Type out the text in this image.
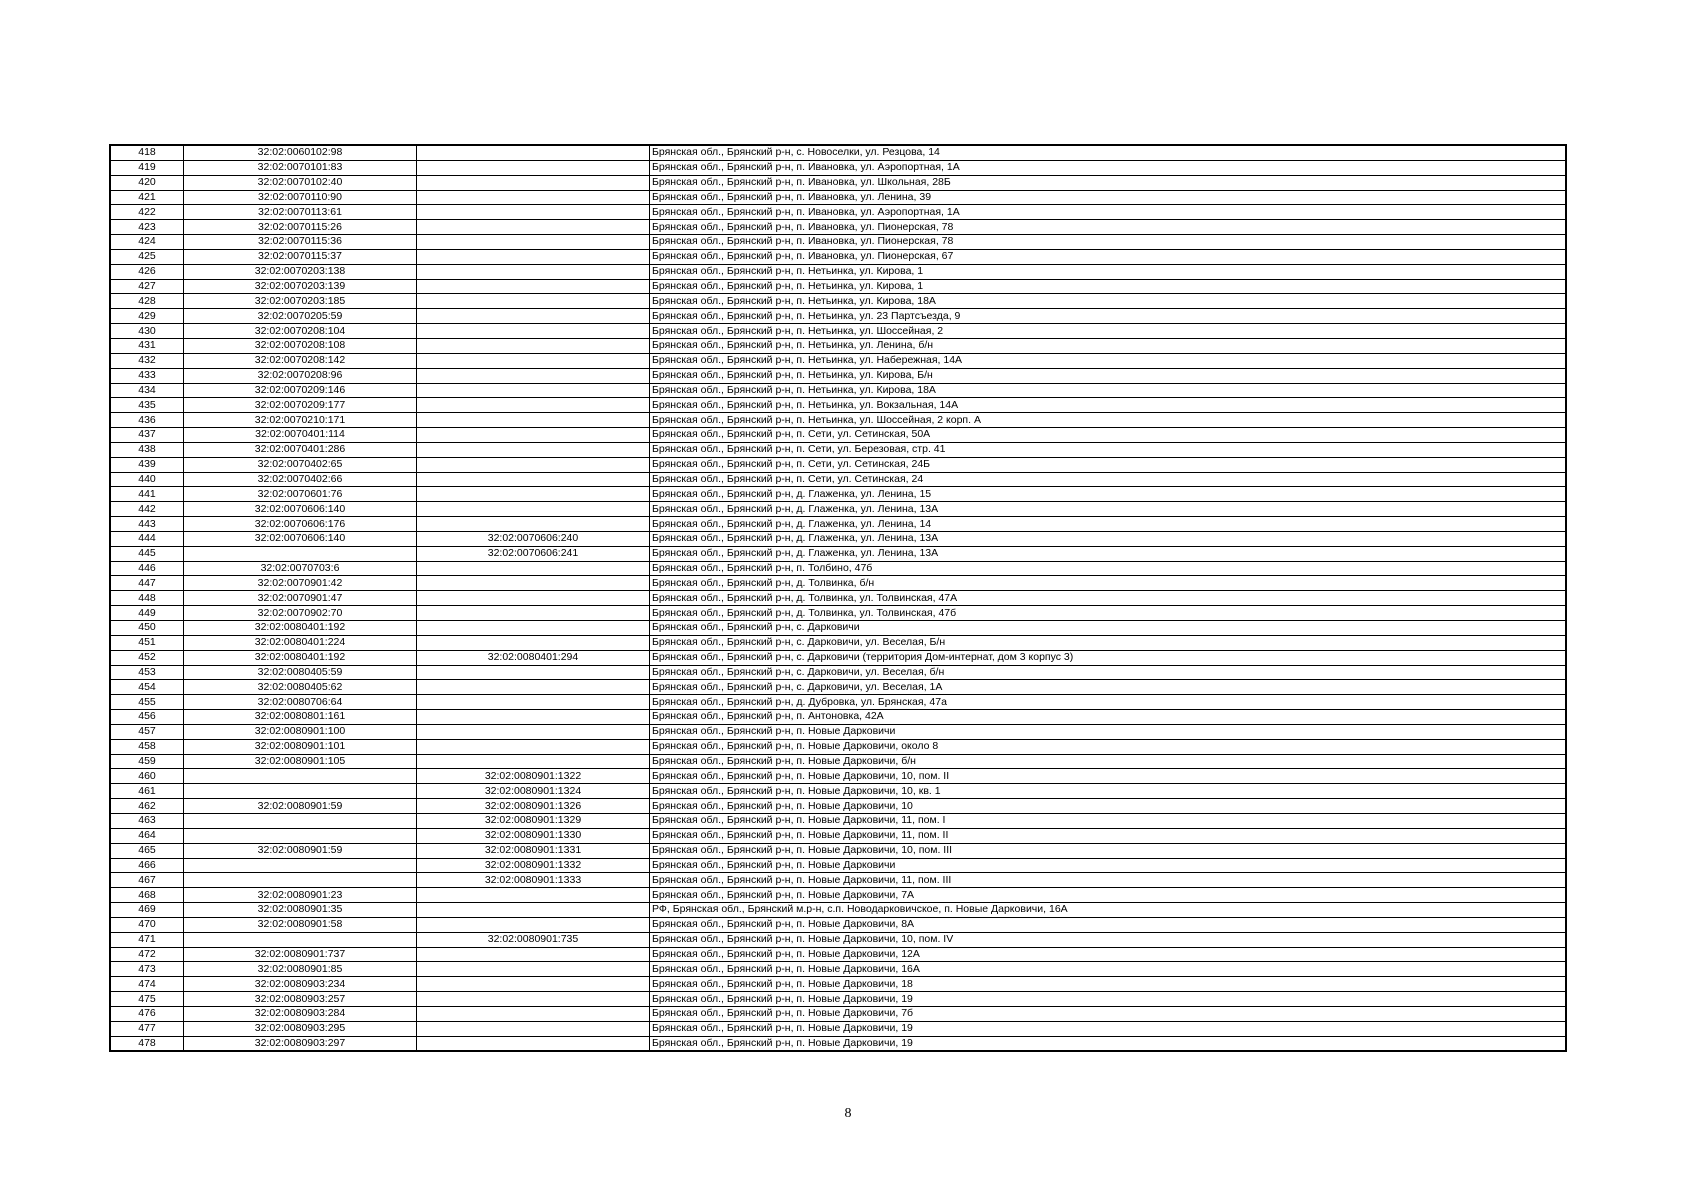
418	32:02:0060102:98		Брянская обл., Брянский р-н, с. Новоселки, ул. Резцова, 14
419	32:02:0070101:83		Брянская обл., Брянский р-н, п. Ивановка, ул. Аэропортная, 1А
420	32:02:0070102:40		Брянская обл., Брянский р-н, п. Ивановка, ул. Школьная, 28Б
421	32:02:0070110:90		Брянская обл., Брянский р-н, п. Ивановка, ул. Ленина, 39
422	32:02:0070113:61		Брянская обл., Брянский р-н, п. Ивановка, ул. Аэропортная, 1А
423	32:02:0070115:26		Брянская обл., Брянский р-н, п. Ивановка, ул. Пионерская, 78
424	32:02:0070115:36		Брянская обл., Брянский р-н, п. Ивановка, ул. Пионерская, 78
425	32:02:0070115:37		Брянская обл., Брянский р-н, п. Ивановка, ул. Пионерская, 67
426	32:02:0070203:138		Брянская обл., Брянский р-н, п. Нетьинка, ул. Кирова, 1
427	32:02:0070203:139		Брянская обл., Брянский р-н, п. Нетьинка, ул. Кирова, 1
428	32:02:0070203:185		Брянская обл., Брянский р-н, п. Нетьинка, ул. Кирова, 18А
429	32:02:0070205:59		Брянская обл., Брянский р-н, п. Нетьинка, ул. 23 Партсъезда, 9
430	32:02:0070208:104		Брянская обл., Брянский р-н, п. Нетьинка, ул. Шоссейная, 2
431	32:02:0070208:108		Брянская обл., Брянский р-н, п. Нетьинка, ул. Ленина, б/н
432	32:02:0070208:142		Брянская обл., Брянский р-н, п. Нетьинка, ул. Набережная, 14А
433	32:02:0070208:96		Брянская обл., Брянский р-н, п. Нетьинка, ул. Кирова, Б/н
434	32:02:0070209:146		Брянская обл., Брянский р-н, п. Нетьинка, ул. Кирова, 18А
435	32:02:0070209:177		Брянская обл., Брянский р-н, п. Нетьинка, ул. Вокзальная, 14А
436	32:02:0070210:171		Брянская обл., Брянский р-н, п. Нетьинка, ул. Шоссейная, 2 корп. А
437	32:02:0070401:114		Брянская обл., Брянский р-н, п. Сети, ул. Сетинская, 50А
438	32:02:0070401:286		Брянская обл., Брянский р-н, п. Сети, ул. Березовая, стр. 41
439	32:02:0070402:65		Брянская обл., Брянский р-н, п. Сети, ул. Сетинская, 24Б
440	32:02:0070402:66		Брянская обл., Брянский р-н, п. Сети, ул. Сетинская, 24
441	32:02:0070601:76		Брянская обл., Брянский р-н, д. Глаженка, ул. Ленина, 15
442	32:02:0070606:140		Брянская обл., Брянский р-н, д. Глаженка, ул. Ленина, 13А
443	32:02:0070606:176		Брянская обл., Брянский р-н, д. Глаженка, ул. Ленина, 14
444	32:02:0070606:140	32:02:0070606:240	Брянская обл., Брянский р-н, д. Глаженка, ул. Ленина, 13А
445		32:02:0070606:241	Брянская обл., Брянский р-н, д. Глаженка, ул. Ленина, 13А
446	32:02:0070703:6		Брянская обл., Брянский р-н, п. Толбино, 47б
447	32:02:0070901:42		Брянская обл., Брянский р-н, д. Толвинка, б/н
448	32:02:0070901:47		Брянская обл., Брянский р-н, д. Толвинка, ул. Толвинская, 47А
449	32:02:0070902:70		Брянская обл., Брянский р-н, д. Толвинка, ул. Толвинская, 47б
450	32:02:0080401:192		Брянская обл., Брянский р-н, с. Дарковичи
451	32:02:0080401:224		Брянская обл., Брянский р-н, с. Дарковичи, ул. Веселая, Б/н
452	32:02:0080401:192	32:02:0080401:294	Брянская обл., Брянский р-н, с. Дарковичи (территория Дом-интернат, дом 3 корпус 3)
453	32:02:0080405:59		Брянская обл., Брянский р-н, с. Дарковичи, ул. Веселая, б/н
454	32:02:0080405:62		Брянская обл., Брянский р-н, с. Дарковичи, ул. Веселая, 1А
455	32:02:0080706:64		Брянская обл., Брянский р-н, д. Дубровка, ул. Брянская, 47а
456	32:02:0080801:161		Брянская обл., Брянский р-н, п. Антоновка, 42А
457	32:02:0080901:100		Брянская обл., Брянский р-н, п. Новые Дарковичи
458	32:02:0080901:101		Брянская обл., Брянский р-н, п. Новые Дарковичи, около 8
459	32:02:0080901:105		Брянская обл., Брянский р-н, п. Новые Дарковичи, б/н
460		32:02:0080901:1322	Брянская обл., Брянский р-н, п. Новые Дарковичи, 10, пом. II
461		32:02:0080901:1324	Брянская обл., Брянский р-н, п. Новые Дарковичи, 10, кв. 1
462	32:02:0080901:59	32:02:0080901:1326	Брянская обл., Брянский р-н, п. Новые Дарковичи, 10
463		32:02:0080901:1329	Брянская обл., Брянский р-н, п. Новые Дарковичи, 11, пом. I
464		32:02:0080901:1330	Брянская обл., Брянский р-н, п. Новые Дарковичи, 11, пом. II
465	32:02:0080901:59	32:02:0080901:1331	Брянская обл., Брянский р-н, п. Новые Дарковичи, 10, пом. III
466		32:02:0080901:1332	Брянская обл., Брянский р-н, п. Новые Дарковичи
467		32:02:0080901:1333	Брянская обл., Брянский р-н, п. Новые Дарковичи, 11, пом. III
468	32:02:0080901:23		Брянская обл., Брянский р-н, п. Новые Дарковичи, 7А
469	32:02:0080901:35		РФ, Брянская обл., Брянский м.р-н, с.п. Новодарковичское, п. Новые Дарковичи, 16А
470	32:02:0080901:58		Брянская обл., Брянский р-н, п. Новые Дарковичи, 8А
471		32:02:0080901:735	Брянская обл., Брянский р-н, п. Новые Дарковичи, 10, пом. IV
472	32:02:0080901:737		Брянская обл., Брянский р-н, п. Новые Дарковичи, 12А
473	32:02:0080901:85		Брянская обл., Брянский р-н, п. Новые Дарковичи, 16А
474	32:02:0080903:234		Брянская обл., Брянский р-н, п. Новые Дарковичи, 18
475	32:02:0080903:257		Брянская обл., Брянский р-н, п. Новые Дарковичи, 19
476	32:02:0080903:284		Брянская обл., Брянский р-н, п. Новые Дарковичи, 7б
477	32:02:0080903:295		Брянская обл., Брянский р-н, п. Новые Дарковичи, 19
478	32:02:0080903:297		Брянская обл., Брянский р-н, п. Новые Дарковичи, 19
8
